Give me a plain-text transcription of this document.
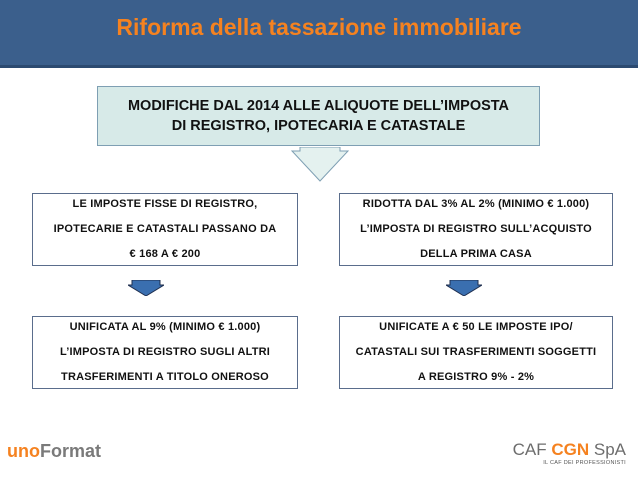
Riforma della tassazione immobiliare
MODIFICHE DAL 2014 ALLE ALIQUOTE DELL’IMPOSTA
DI REGISTRO, IPOTECARIA E CATASTALE
LE IMPOSTE FISSE DI REGISTRO,
IPOTECARIE E CATASTALI PASSANO DA
€ 168 A € 200
RIDOTTA DAL 3% AL 2% (MINIMO € 1.000)
L’IMPOSTA DI REGISTRO SULL’ACQUISTO
DELLA PRIMA CASA
UNIFICATA AL 9% (MINIMO € 1.000)
L’IMPOSTA DI REGISTRO SUGLI ALTRI
TRASFERIMENTI A TITOLO ONEROSO
UNIFICATE A € 50 LE IMPOSTE IPO/
CATASTALI SUI TRASFERIMENTI SOGGETTI
A REGISTRO 9% - 2%
unoFormat	CAF CGN SpA
IL CAF DEI PROFESSIONISTI
